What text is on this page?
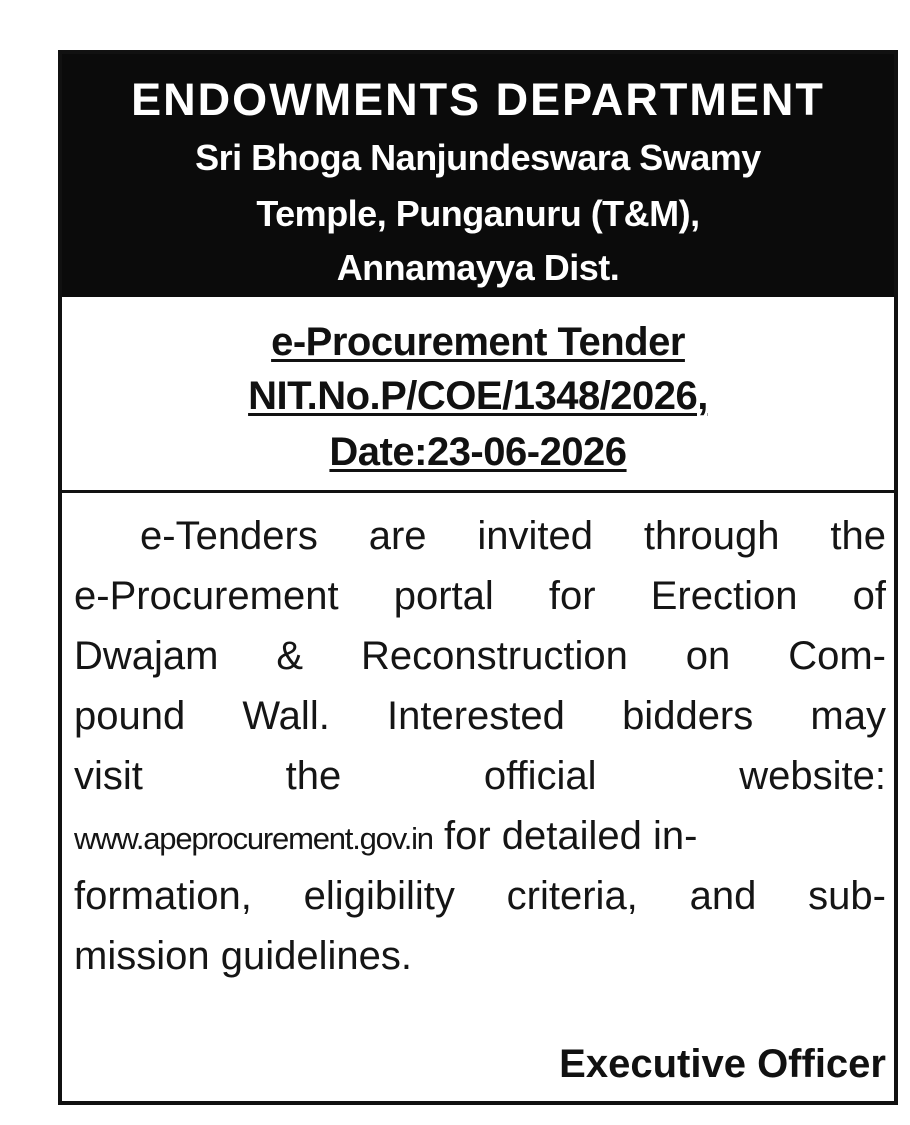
ENDOWMENTS DEPARTMENT
Sri Bhoga Nanjundeswara Swamy
Temple, Punganuru (T&M),
Annamayya Dist.
e-Procurement Tender
NIT.No.P/COE/1348/2026,
Date:23-06-2026
e-Tenders are invited through the
e-Procurement portal for Erection of
Dwajam & Reconstruction on Com-
pound Wall. Interested bidders may
visit	the	official	website:
www.apeprocurement.gov.in for detailed in-
formation, eligibility criteria, and sub-
mission guidelines.
Executive Officer
